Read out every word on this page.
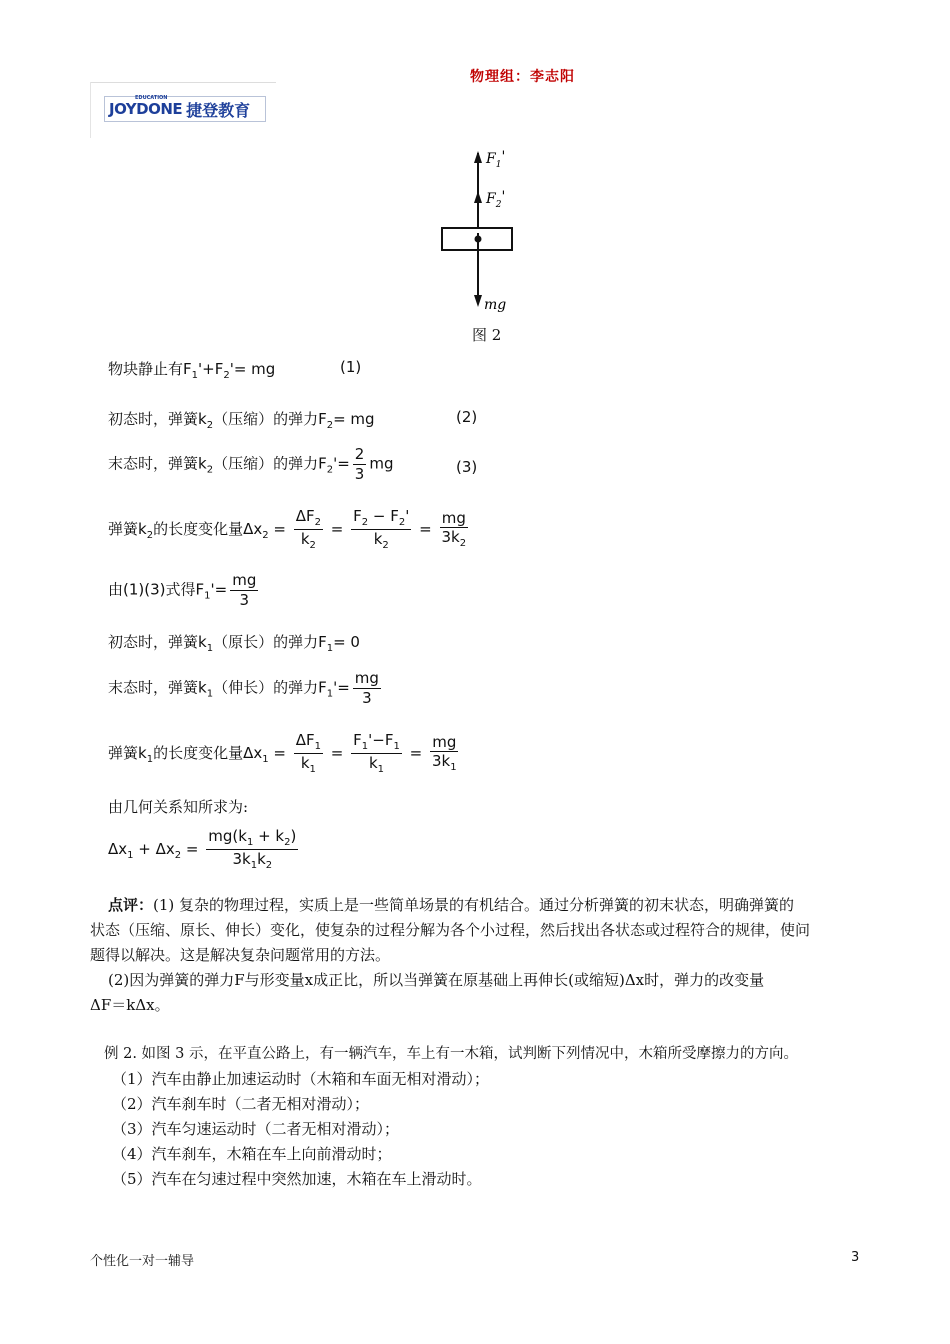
物理组：李志阳
JOYDONE
EDUCATION
捷登教育
$F_1'$
$F_2'$
mg
图 2
物块静止有$F_1'+F_2'=$ mg	(1)
初态时，弹簧$k_2$（压缩）的弹力$F_2=$ mg	(2)
末态时，弹簧$k_2$（压缩）的弹力$F_2'= \frac{2}{3}$ mg	(3)
弹簧$k_2$的长度变化量$\Delta x_2 = \frac{\Delta F_2}{k_2} = \frac{F_2 - F_2'}{k_2} = \frac{mg}{3k_2}$
由(1)(3)式得$F_1'= \frac{mg}{3}$
初态时，弹簧$k_1$（原长）的弹力$F_1= 0$
末态时，弹簧$k_1$（伸长）的弹力$F_1'= \frac{mg}{3}$
弹簧$k_1$的长度变化量$\Delta x_1 = \frac{\Delta F_1}{k_1} = \frac{F_1'-F_1}{k_1} = \frac{mg}{3k_1}$
由几何关系知所求为:
$\Delta x_1 + \Delta x_2 = \frac{mg(k_1 + k_2)}{3k_1k_2}$
点评：(1) 复杂的物理过程，实质上是一些简单场景的有机结合。通过分析弹簧的初末状态，明确弹簧的
状态（压缩、原长、伸长）变化，使复杂的过程分解为各个小过程，然后找出各状态或过程符合的规律，使问
题得以解决。这是解决复杂问题常用的方法。
(2)因为弹簧的弹力F与形变量x成正比，所以当弹簧在原基础上再伸长(或缩短)Δx时，弹力的改变量
ΔF＝kΔx。
例 2. 如图 3 示，在平直公路上，有一辆汽车，车上有一木箱，试判断下列情况中，木箱所受摩擦力的方向。
（1）汽车由静止加速运动时（木箱和车面无相对滑动）；
（2）汽车刹车时（二者无相对滑动）；
（3）汽车匀速运动时（二者无相对滑动）；
（4）汽车刹车，木箱在车上向前滑动时；
（5）汽车在匀速过程中突然加速，木箱在车上滑动时。
个性化一对一辅导	3
